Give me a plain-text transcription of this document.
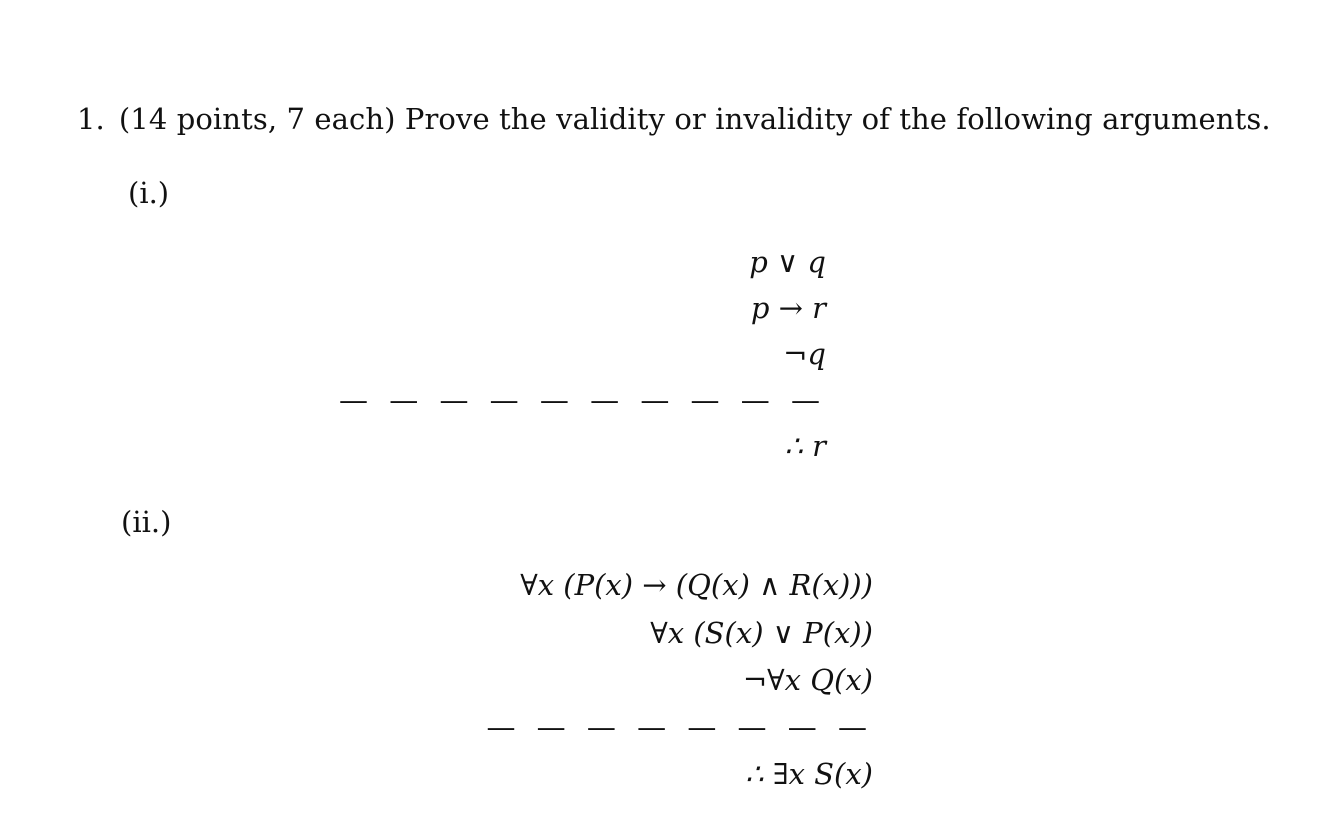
1. (14 points, 7 each) Prove the validity or invalidity of the following arguments.
(i.)
p ∨ q
p → r
¬q
— — — — — — — — — —
∴ r
(ii.)
∀x (P(x) → (Q(x) ∧ R(x)))
∀x (S(x) ∨ P(x))
¬∀x Q(x)
— — — — — — — —
∴ ∃x S(x)
